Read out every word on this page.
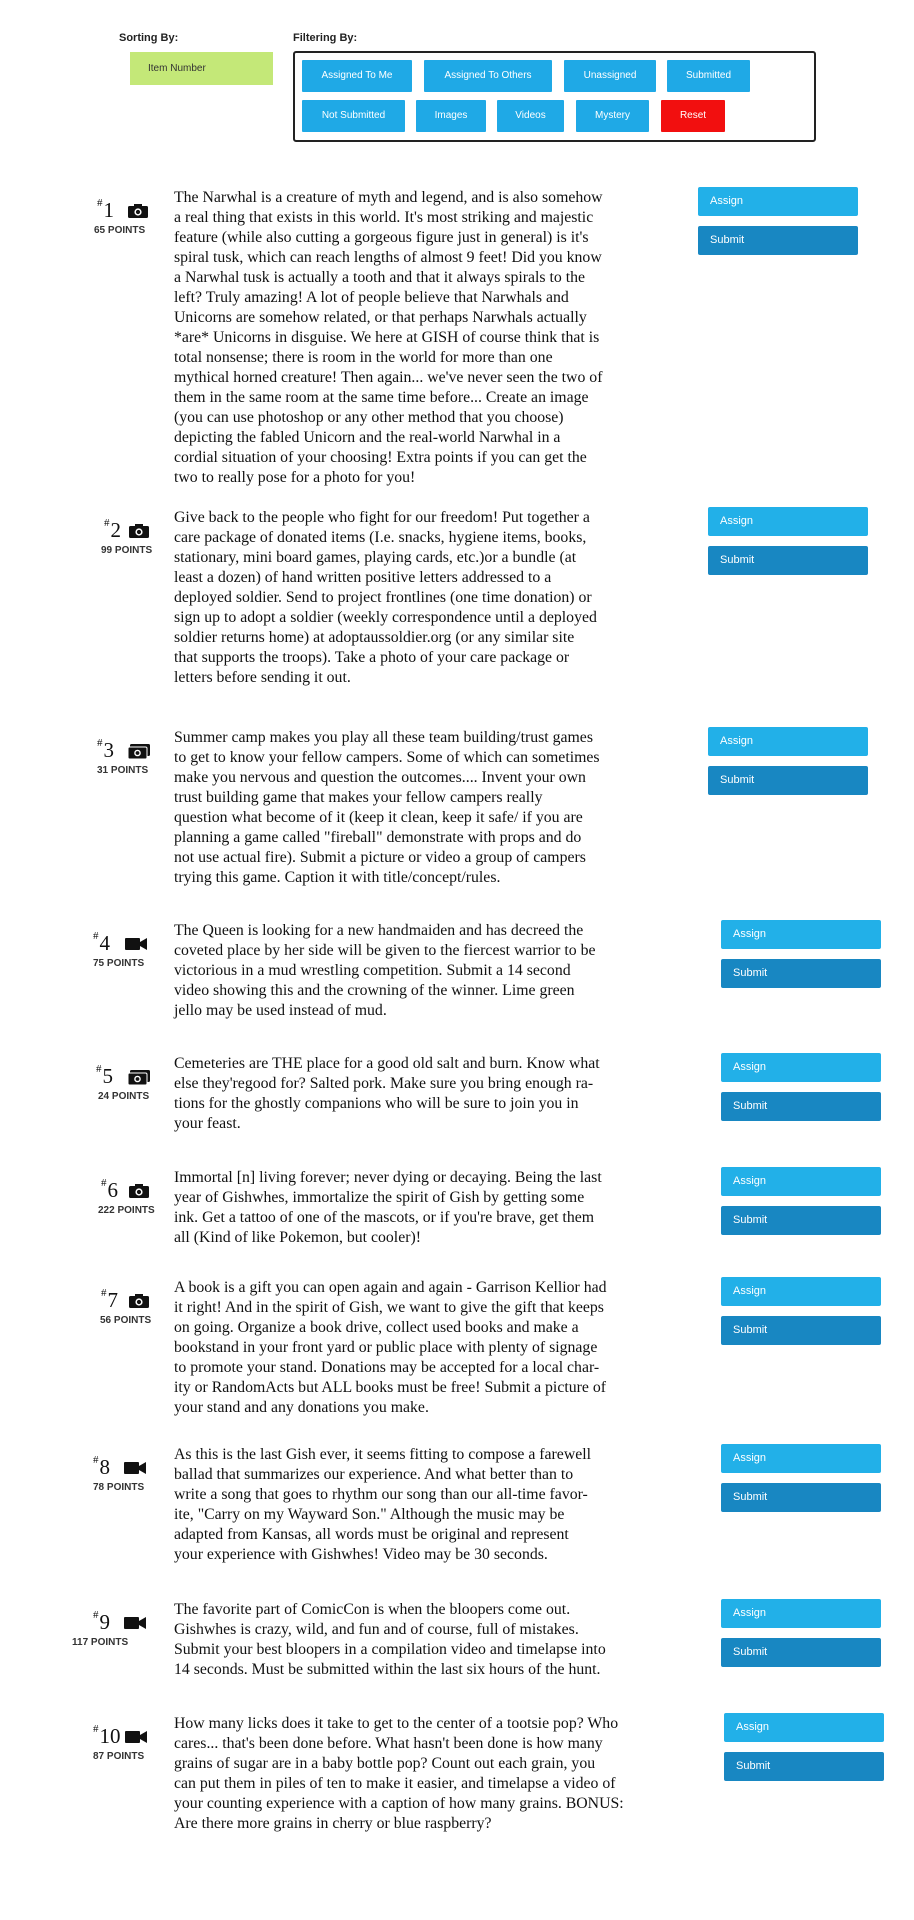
Sorting By:
Item Number
Filtering By:
Assigned To Me	Assigned To Others	Unassigned	Submitted
Not Submitted	Images	Videos	Mystery	Reset
#1
65 POINTS

The Narwhal is a creature of myth and legend, and is also somehow

a real thing that exists in this world. It's most striking and majestic

feature (while also cutting a gorgeous figure just in general) is it's

spiral tusk, which can reach lengths of almost 9 feet! Did you know

a Narwhal tusk is actually a tooth and that it always spirals to the

left? Truly amazing! A lot of people believe that Narwhals and

Unicorns are somehow related, or that perhaps Narwhals actually

*are* Unicorns in disguise. We here at GISH of course think that is

total nonsense; there is room in the world for more than one

mythical horned creature! Then again... we've never seen the two of

them in the same room at the same time before... Create an image

(you can use photoshop or any other method that you choose)

depicting the fabled Unicorn and the real-world Narwhal in a

cordial situation of your choosing! Extra points if you can get the

two to really pose for a photo for you!

Assign
Submit
#2
99 POINTS

Give back to the people who fight for our freedom! Put together a

care package of donated items (I.e. snacks, hygiene items, books,

stationary, mini board games, playing cards, etc.)or a bundle (at

least a dozen) of hand written positive letters addressed to a

deployed soldier. Send to project frontlines (one time donation) or

sign up to adopt a soldier (weekly correspondence until a deployed

soldier returns home) at adoptaussoldier.org (or any similar site

that supports the troops). Take a photo of your care package or

letters before sending it out.

Assign
Submit
#3
31 POINTS

Summer camp makes you play all these team building/trust games

to get to know your fellow campers. Some of which can sometimes

make you nervous and question the outcomes.... Invent your own

trust building game that makes your fellow campers really

question what become of it (keep it clean, keep it safe/ if you are

planning a game called "fireball" demonstrate with props and do

not use actual fire). Submit a picture or video a group of campers

trying this game. Caption it with title/concept/rules.

Assign
Submit
#4
75 POINTS

The Queen is looking for a new handmaiden and has decreed the

coveted place by her side will be given to the fiercest warrior to be

victorious in a mud wrestling competition. Submit a 14 second

video showing this and the crowning of the winner. Lime green

jello may be used instead of mud.

Assign
Submit
#5
24 POINTS

Cemeteries are THE place for a good old salt and burn. Know what

else they'regood for? Salted pork. Make sure you bring enough ra-

tions for the ghostly companions who will be sure to join you in

your feast.

Assign
Submit
#6
222 POINTS

Immortal [n] living forever; never dying or decaying. Being the last

year of Gishwhes, immortalize the spirit of Gish by getting some

ink. Get a tattoo of one of the mascots, or if you're brave, get them

all (Kind of like Pokemon, but cooler)!

Assign
Submit
#7
56 POINTS

A book is a gift you can open again and again - Garrison Kellior had

it right! And in the spirit of Gish, we want to give the gift that keeps

on going. Organize a book drive, collect used books and make a

bookstand in your front yard or public place with plenty of signage

to promote your stand. Donations may be accepted for a local char-

ity or RandomActs but ALL books must be free! Submit a picture of

your stand and any donations you make.

Assign
Submit
#8
78 POINTS

As this is the last Gish ever, it seems fitting to compose a farewell

ballad that summarizes our experience. And what better than to

write a song that goes to rhythm our song than our all-time favor-

ite, "Carry on my Wayward Son." Although the music may be

adapted from Kansas, all words must be original and represent

your experience with Gishwhes! Video may be 30 seconds.

Assign
Submit
#9
117 POINTS

The favorite part of ComicCon is when the bloopers come out.

Gishwhes is crazy, wild, and fun and of course, full of mistakes.

Submit your best bloopers in a compilation video and timelapse into

14 seconds. Must be submitted within the last six hours of the hunt.

Assign
Submit
#10
87 POINTS

How many licks does it take to get to the center of a tootsie pop? Who

cares... that's been done before. What hasn't been done is how many

grains of sugar are in a baby bottle pop? Count out each grain, you

can put them in piles of ten to make it easier, and timelapse a video of

your counting experience with a caption of how many grains. BONUS:

Are there more grains in cherry or blue raspberry?

Assign
Submit
